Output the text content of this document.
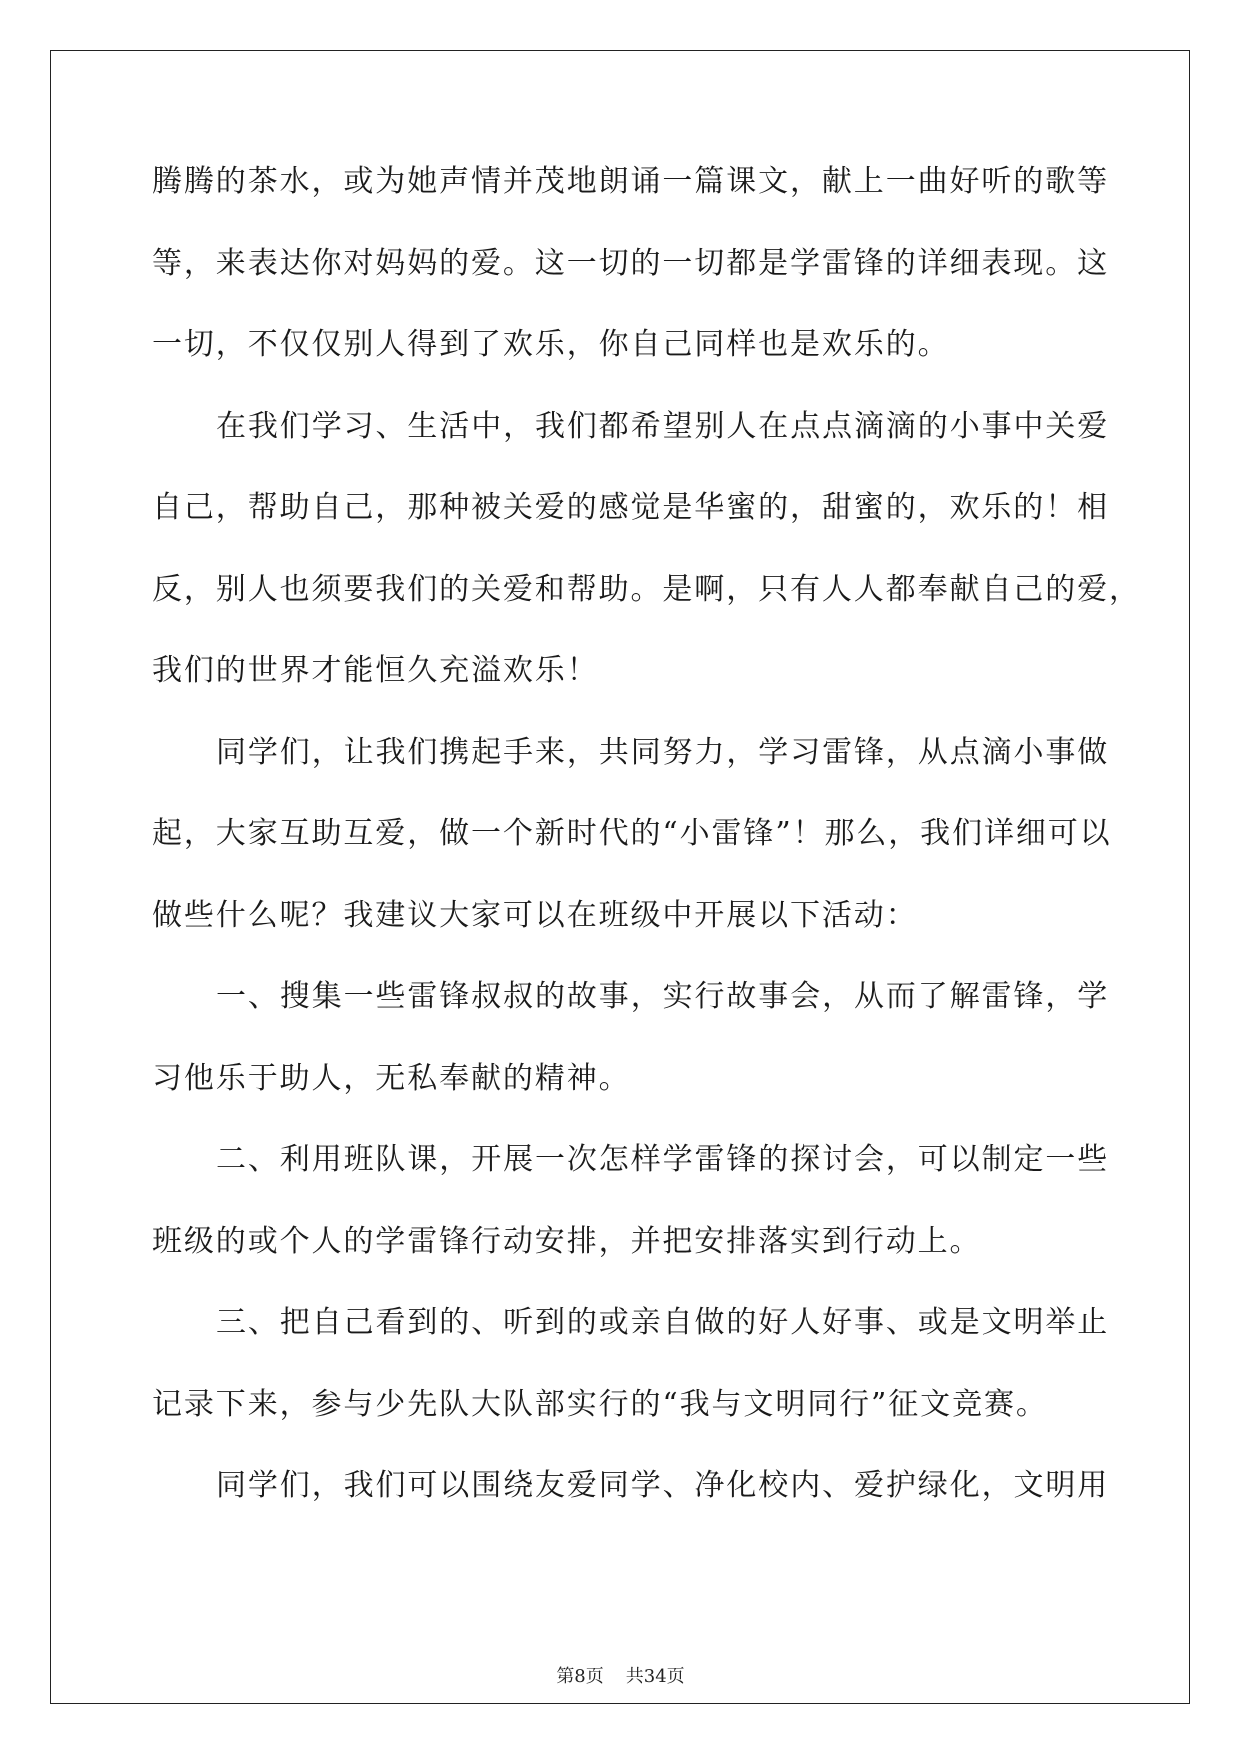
腾腾的茶水，或为她声情并茂地朗诵一篇课文，献上一曲好听的歌等
等，来表达你对妈妈的爱。这一切的一切都是学雷锋的详细表现。这
一切，不仅仅别人得到了欢乐，你自己同样也是欢乐的。
在我们学习、生活中，我们都希望别人在点点滴滴的小事中关爱
自己，帮助自己，那种被关爱的感觉是华蜜的，甜蜜的，欢乐的！相
反，别人也须要我们的关爱和帮助。是啊，只有人人都奉献自己的爱，
我们的世界才能恒久充溢欢乐！
同学们，让我们携起手来，共同努力，学习雷锋，从点滴小事做
起，大家互助互爱，做一个新时代的“小雷锋”！那么，我们详细可以
做些什么呢？我建议大家可以在班级中开展以下活动：
一、搜集一些雷锋叔叔的故事，实行故事会，从而了解雷锋，学
习他乐于助人，无私奉献的精神。
二、利用班队课，开展一次怎样学雷锋的探讨会，可以制定一些
班级的或个人的学雷锋行动安排，并把安排落实到行动上。
三、把自己看到的、听到的或亲自做的好人好事、或是文明举止
记录下来，参与少先队大队部实行的“我与文明同行”征文竞赛。
同学们，我们可以围绕友爱同学、净化校内、爱护绿化，文明用
第8页 共34页
